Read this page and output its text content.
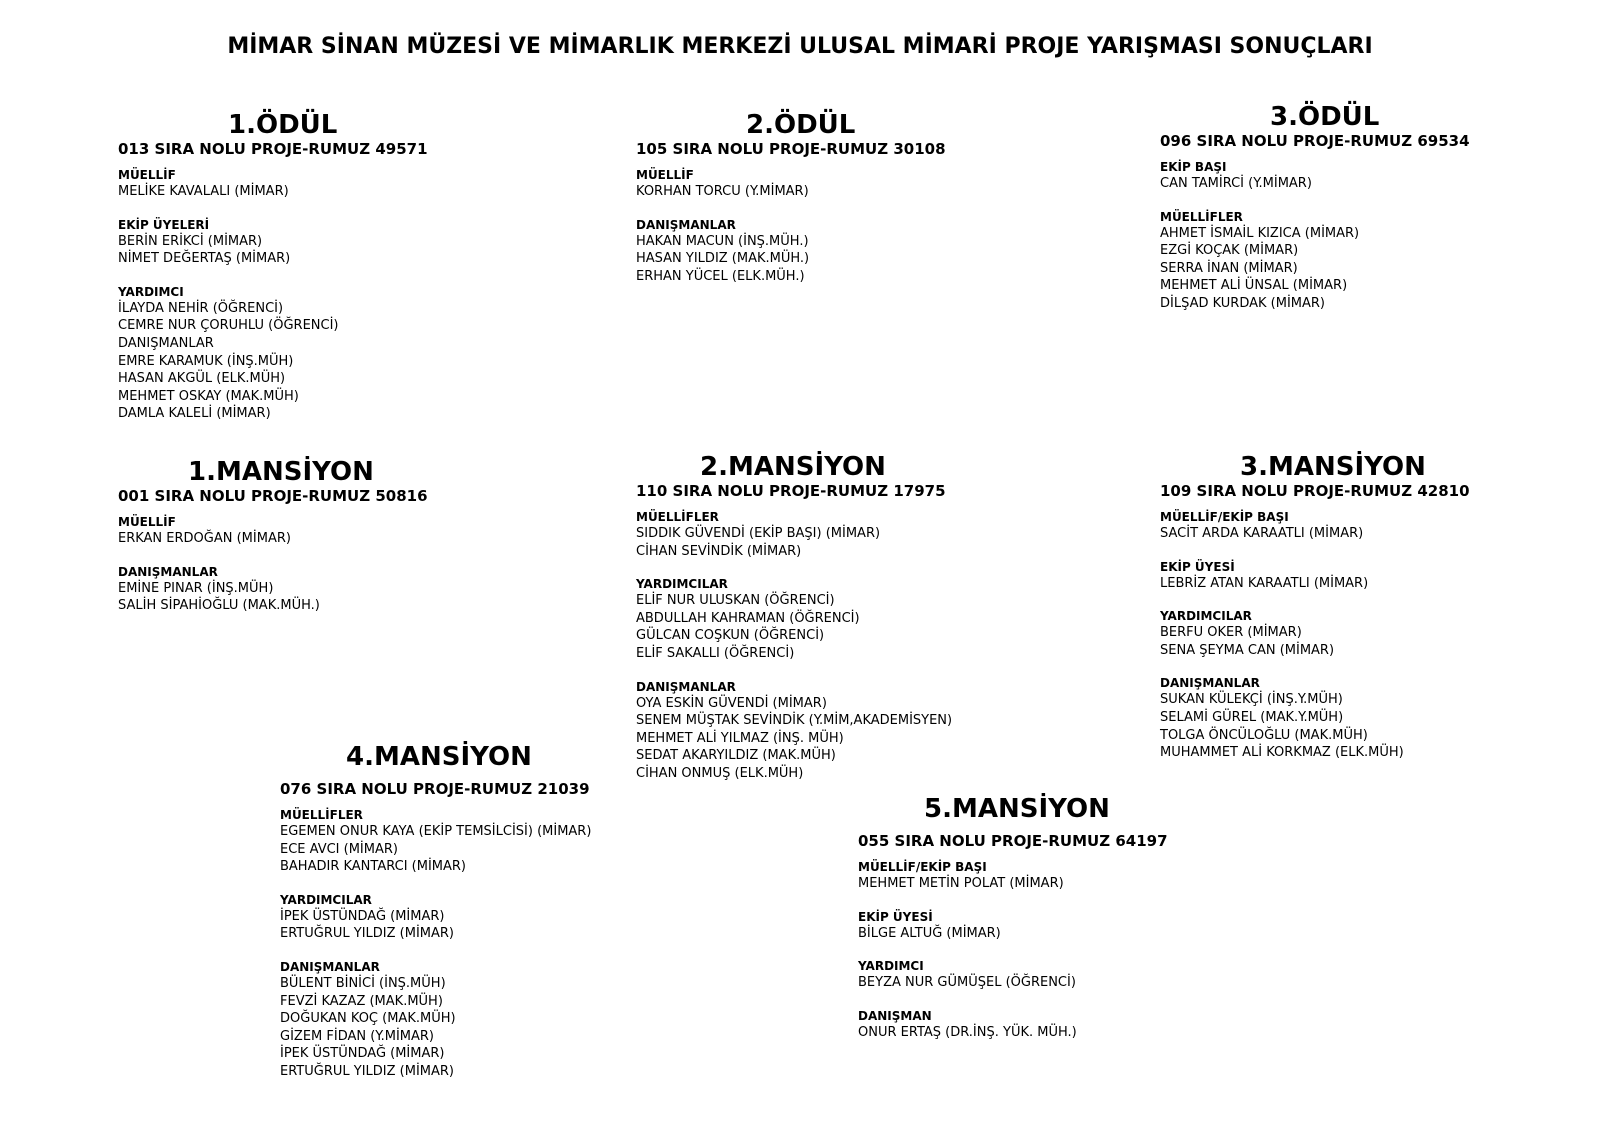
MİMAR SİNAN MÜZESİ VE MİMARLIK MERKEZİ ULUSAL MİMARİ PROJE YARIŞMASI SONUÇLARI
1.ÖDÜL
013 SIRA NOLU PROJE-RUMUZ 49571
MÜELLİF
MELİKE KAVALALI (MİMAR)
EKİP ÜYELERİ
BERİN ERİKCİ (MİMAR)
NİMET DEĞERTAŞ (MİMAR)
YARDIMCI
İLAYDA NEHİR (ÖĞRENCİ)
CEMRE NUR ÇORUHLU (ÖĞRENCİ)
DANIŞMANLAR
EMRE KARAMUK (İNŞ.MÜH)
HASAN AKGÜL (ELK.MÜH)
MEHMET OSKAY (MAK.MÜH)
DAMLA KALELİ (MİMAR)
2.ÖDÜL
105 SIRA NOLU PROJE-RUMUZ 30108
MÜELLİF
KORHAN TORCU (Y.MİMAR)
DANIŞMANLAR
HAKAN MACUN (İNŞ.MÜH.)
HASAN YILDIZ (MAK.MÜH.)
ERHAN YÜCEL (ELK.MÜH.)
3.ÖDÜL
096 SIRA NOLU PROJE-RUMUZ 69534
EKİP BAŞI
CAN TAMİRCİ (Y.MİMAR)
MÜELLİFLER
AHMET İSMAİL KIZICA (MİMAR)
EZGİ KOÇAK (MİMAR)
SERRA İNAN (MİMAR)
MEHMET ALİ ÜNSAL (MİMAR)
DİLŞAD KURDAK (MİMAR)
1.MANSİYON
001 SIRA NOLU PROJE-RUMUZ 50816
MÜELLİF
ERKAN ERDOĞAN (MİMAR)
DANIŞMANLAR
EMİNE PINAR (İNŞ.MÜH)
SALİH SİPAHİOĞLU (MAK.MÜH.)
2.MANSİYON
110 SIRA NOLU PROJE-RUMUZ 17975
MÜELLİFLER
SIDDIK GÜVENDİ (EKİP BAŞI) (MİMAR)
CİHAN SEVİNDİK (MİMAR)
YARDIMCILAR
ELİF NUR ULUSKAN (ÖĞRENCİ)
ABDULLAH KAHRAMAN (ÖĞRENCİ)
GÜLCAN COŞKUN (ÖĞRENCİ)
ELİF SAKALLI (ÖĞRENCİ)
DANIŞMANLAR
OYA ESKİN GÜVENDİ (MİMAR)
SENEM MÜŞTAK SEVİNDİK (Y.MİM,AKADEMİSYEN)
MEHMET ALİ YILMAZ (İNŞ. MÜH)
SEDAT AKARYILDIZ (MAK.MÜH)
CİHAN ONMUŞ (ELK.MÜH)
3.MANSİYON
109 SIRA NOLU PROJE-RUMUZ 42810
MÜELLİF/EKİP BAŞI
SACİT ARDA KARAATLI (MİMAR)
EKİP ÜYESİ
LEBRİZ ATAN KARAATLI (MİMAR)
YARDIMCILAR
BERFU OKER (MİMAR)
SENA ŞEYMA CAN (MİMAR)
DANIŞMANLAR
SUKAN KÜLEKÇİ (İNŞ.Y.MÜH)
SELAMİ GÜREL (MAK.Y.MÜH)
TOLGA ÖNCÜLOĞLU (MAK.MÜH)
MUHAMMET ALİ KORKMAZ (ELK.MÜH)
4.MANSİYON
076 SIRA NOLU PROJE-RUMUZ 21039
MÜELLİFLER
EGEMEN ONUR KAYA (EKİP TEMSİLCİSİ) (MİMAR)
ECE AVCI (MİMAR)
BAHADIR KANTARCI (MİMAR)
YARDIMCILAR
İPEK ÜSTÜNDAĞ (MİMAR)
ERTUĞRUL YILDIZ (MİMAR)
DANIŞMANLAR
BÜLENT BİNİCİ (İNŞ.MÜH)
FEVZİ KAZAZ (MAK.MÜH)
DOĞUKAN KOÇ (MAK.MÜH)
GİZEM FİDAN (Y.MİMAR)
İPEK ÜSTÜNDAĞ (MİMAR)
ERTUĞRUL YILDIZ (MİMAR)
5.MANSİYON
055 SIRA NOLU PROJE-RUMUZ 64197
MÜELLİF/EKİP BAŞI
MEHMET METİN POLAT (MİMAR)
EKİP ÜYESİ
BİLGE ALTUĞ (MİMAR)
YARDIMCI
BEYZA NUR GÜMÜŞEL (ÖĞRENCİ)
DANIŞMAN
ONUR ERTAŞ (DR.İNŞ. YÜK. MÜH.)
